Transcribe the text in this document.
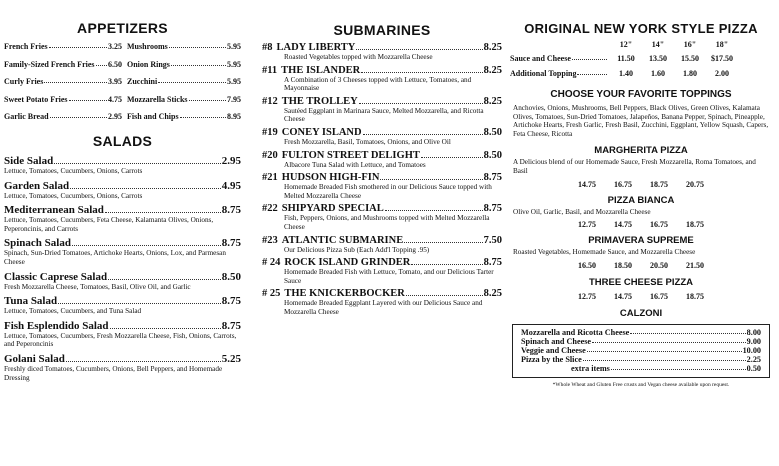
APPETIZERS
French Fries	3.25 Mushrooms	5.95
Family-Sized French Fries 6.50 Onion Rings	5.95
Curly Fries	3.95 Zucchini	5.95
Sweet Potato Fries	4.75 Mozzarella Sticks	7.95
Garlic Bread	2.95 Fish and Chips	8.95
SALADS
Side Salad	2.95
Lettuce, Tomatoes, Cucumbers, Onions, Carrots
Garden Salad	4.95
Lettuce, Tomatoes, Cucumbers, Onions, Carrots
Mediterranean Salad	8.75
Lettuce, Tomatoes, Cucumbers, Feta Cheese, Kalamanta Olives, Onions, Peperoncinis, and Carrots
Spinach Salad	8.75
Spinach, Sun-Dried Tomatoes, Artichoke Hearts, Onions, Lox, and Parmesan Cheese
Classic Caprese Salad	8.50
Fresh Mozzarella Cheese, Tomatoes, Basil, Olive Oil, and Garlic
Tuna Salad	8.75
Lettuce, Tomatoes, Cucumbers, and Tuna Salad
Fish Esplendido Salad	8.75
Lettuce, Tomatoes, Cucumbers, Fresh Mozzarella Cheese, Fish, Onions, Carrots, and Peperoncinis
Golani Salad	5.25
Freshly diced Tomatoes, Cucumbers, Onions, Bell Peppers, and Homemade Dressing
SUBMARINES
#8 LADY LIBERTY	8.25
Roasted Vegetables topped with Mozzarella Cheese
#11 THE ISLANDER	8.25
A Combination of 3 Cheeses topped with Lettuce, Tomatoes, and Mayonnaise
#12 THE TROLLEY	8.25
Sautéed Eggplant in Marinara Sauce, Melted Mozzarella, and Ricotta Cheese
#19 CONEY ISLAND	8.50
Fresh Mozzarella, Basil, Tomatoes, Onions, and Olive Oil
#20 FULTON STREET DELIGHT	8.50
Albacore Tuna Salad with Lettuce, and Tomatoes
#21 HUDSON HIGH-FIN	8.75
Homemade Breaded Fish smothered in our Delicious Sauce topped with Melted Mozzarella Cheese
#22 SHIPYARD SPECIAL	8.75
Fish, Peppers, Onions, and Mushrooms topped with Melted Mozzarella Cheese
#23 ATLANTIC SUBMARINE	7.50
Our Delicious Pizza Sub (Each Add'l Topping .95)
# 24 ROCK ISLAND GRINDER	8.75
Homemade Breaded Fish with Lettuce, Tomato, and our Delicious Tarter Sauce
# 25 THE KNICKERBOCKER	8.25
Homemade Breaded Eggplant Layered with our Delicious Sauce and Mozzarella Cheese
ORIGINAL NEW YORK STYLE PIZZA
12"	14"	16"	18"
Sauce and Cheese	11.50	13.50	15.50	$17.50
Additional Topping	1.40	1.60	1.80	2.00
CHOOSE YOUR FAVORITE TOPPINGS
Anchovies, Onions, Mushrooms, Bell Peppers, Black Olives, Green Olives, Kalamata Olives, Tomatoes, Sun-Dried Tomatoes, Jalapeños, Banana Pepper, Spinach, Pineapple, Artichoke Hearts, Fresh Garlic, Fresh Basil, Zucchini, Eggplant, Yellow Squash, Capers, Feta Cheese, Ricotta
MARGHERITA PIZZA
A Delicious blend of our Homemade Sauce, Fresh Mozzarella, Roma Tomatoes, and Basil
14.75	16.75	18.75	20.75
PIZZA BIANCA
Olive Oil, Garlic, Basil, and Mozzarella Cheese
12.75	14.75	16.75	18.75
PRIMAVERA SUPREME
Roasted Vegetables, Homemade Sauce, and Mozzarella Cheese
16.50	18.50	20.50	21.50
THREE CHEESE PIZZA
12.75	14.75	16.75	18.75
CALZONI
Mozzarella and Ricotta Cheese	8.00
Spinach and Cheese	9.00
Veggie and Cheese	10.00
Pizza by the Slice	2.25
extra items	0.50
*Whole Wheat and Gluten Free crusts and Vegan cheese available upon request.
